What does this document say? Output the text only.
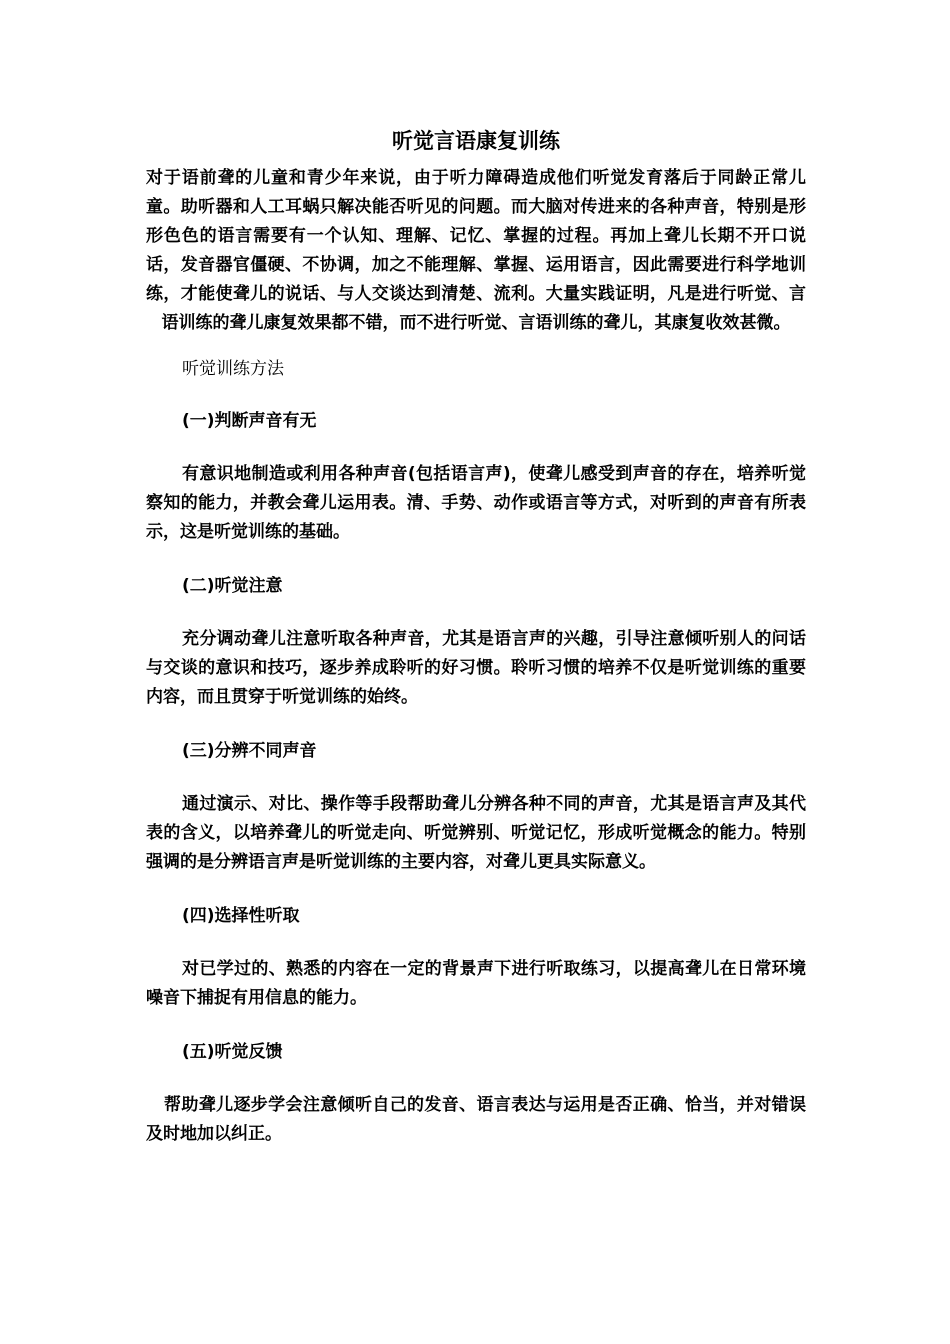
听觉言语康复训练

对于语前聋的儿童和青少年来说，由于听力障碍造成他们听觉发育落后于同龄正常儿童。助听器和人工耳蜗只解决能否听见的问题。而大脑对传进来的各种声音，特别是形形色色的语言需要有一个认知、理解、记忆、掌握的过程。再加上聋儿长期不开口说话，发音器官僵硬、不协调，加之不能理解、掌握、运用语言，因此需要进行科学地训练，才能使聋儿的说话、与人交谈达到清楚、流利。大量实践证明，凡是进行听觉、言语训练的聋儿康复效果都不错，而不进行听觉、言语训练的聋儿，其康复收效甚微。

听觉训练方法
(一)判断声音有无

有意识地制造或利用各种声音(包括语言声)，使聋儿感受到声音的存在，培养听觉察知的能力，并教会聋儿运用表。清、手势、动作或语言等方式，对听到的声音有所表示，这是听觉训练的基础。

(二)听觉注意

充分调动聋儿注意听取各种声音，尤其是语言声的兴趣，引导注意倾听别人的问话与交谈的意识和技巧，逐步养成聆听的好习惯。聆听习惯的培养不仅是听觉训练的重要内容，而且贯穿于听觉训练的始终。

(三)分辨不同声音

通过演示、对比、操作等手段帮助聋儿分辨各种不同的声音，尤其是语言声及其代表的含义，以培养聋儿的听觉走向、听觉辨别、听觉记忆，形成听觉概念的能力。特别强调的是分辨语言声是听觉训练的主要内容，对聋儿更具实际意义。

(四)选择性听取

对已学过的、熟悉的内容在一定的背景声下进行听取练习，以提高聋儿在日常环境噪音下捕捉有用信息的能力。

(五)听觉反馈

帮助聋儿逐步学会注意倾听自己的发音、语言表达与运用是否正确、恰当，并对错误及时地加以纠正。
